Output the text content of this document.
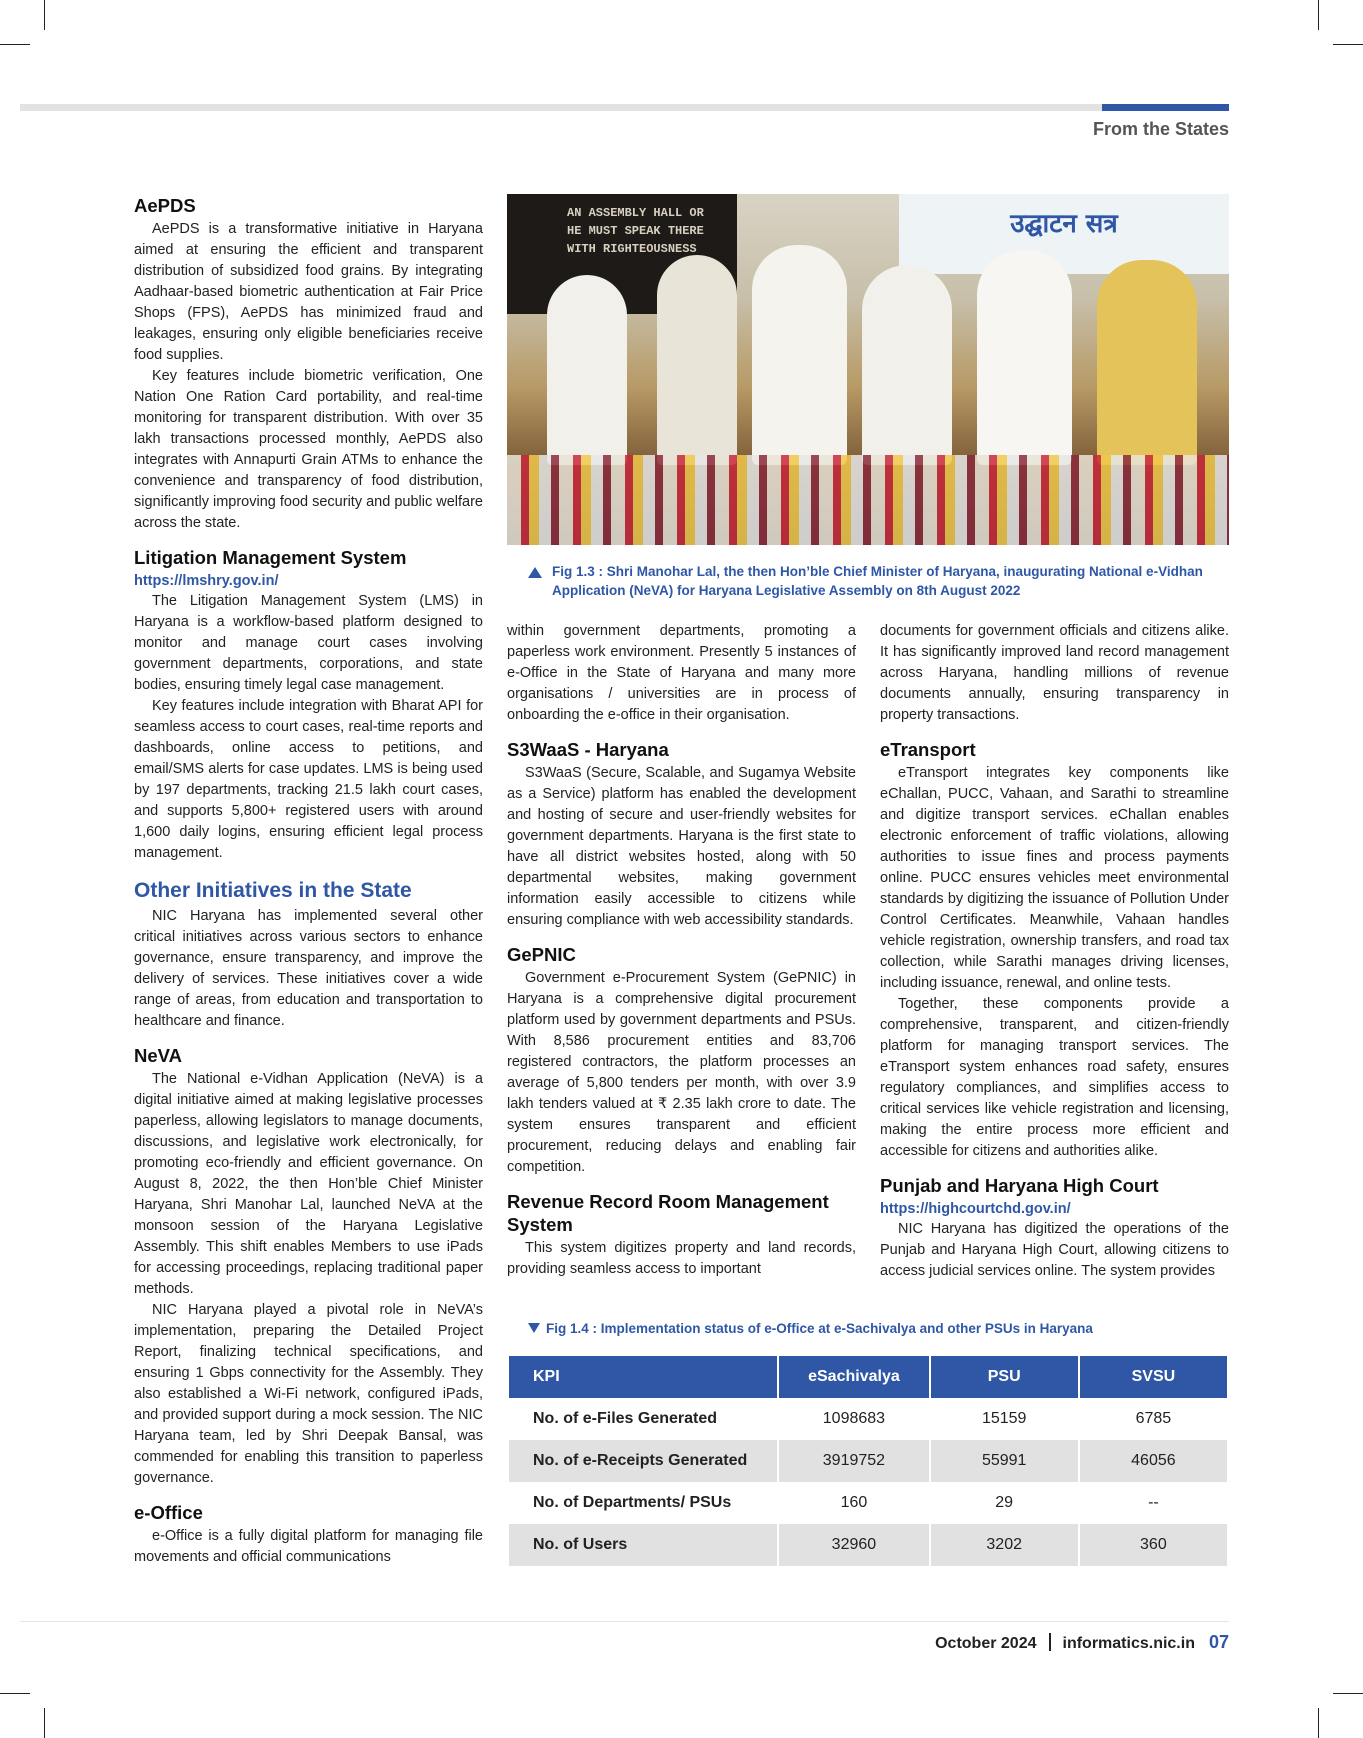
From the States
AePDS

AePDS is a transformative initiative in Haryana aimed at ensuring the efficient and transparent distribution of subsidized food grains. By integrating Aadhaar-based biometric authentication at Fair Price Shops (FPS), AePDS has minimized fraud and leakages, ensuring only eligible beneficiaries receive food supplies.

Key features include biometric verification, One Nation One Ration Card portability, and real-time monitoring for transparent distribution. With over 35 lakh transactions processed monthly, AePDS also integrates with Annapurti Grain ATMs to enhance the convenience and transparency of food distribution, significantly improving food security and public welfare across the state.

Litigation Management System
https://lmshry.gov.in/

The Litigation Management System (LMS) in Haryana is a workflow-based platform designed to monitor and manage court cases involving government departments, corporations, and state bodies, ensuring timely legal case management.

Key features include integration with Bharat API for seamless access to court cases, real-time reports and dashboards, online access to petitions, and email/SMS alerts for case updates. LMS is being used by 197 departments, tracking 21.5 lakh court cases, and supports 5,800+ registered users with around 1,600 daily logins, ensuring efficient legal process management.

Other Initiatives in the State

NIC Haryana has implemented several other critical initiatives across various sectors to enhance governance, ensure transparency, and improve the delivery of services. These initiatives cover a wide range of areas, from education and transportation to healthcare and finance.

NeVA

The National e-Vidhan Application (NeVA) is a digital initiative aimed at making legislative processes paperless, allowing legislators to manage documents, discussions, and legislative work electronically, for promoting eco-friendly and efficient governance. On August 8, 2022, the then Hon’ble Chief Minister Haryana, Shri Manohar Lal, launched NeVA at the monsoon session of the Haryana Legislative Assembly. This shift enables Members to use iPads for accessing proceedings, replacing traditional paper methods.

NIC Haryana played a pivotal role in NeVA’s implementation, preparing the Detailed Project Report, finalizing technical specifications, and ensuring 1 Gbps connectivity for the Assembly. They also established a Wi-Fi network, configured iPads, and provided support during a mock session. The NIC Haryana team, led by Shri Deepak Bansal, was commended for enabling this transition to paperless governance.

e-Office

e-Office is a fully digital platform for managing file movements and official communications

AN ASSEMBLY HALL OR HE MUST SPEAK THERE WITH RIGHTEOUSNESS
उद्घाटन सत्र
Fig 1.3 : Shri Manohar Lal, the then Hon’ble Chief Minister of Haryana, inaugurating National e-Vidhan Application (NeVA) for Haryana Legislative Assembly on 8th August 2022

within government departments, promoting a paperless work environment. Presently 5 instances of e-Office in the State of Haryana and many more organisations / universities are in process of onboarding the e-office in their organisation.

S3WaaS - Haryana

S3WaaS (Secure, Scalable, and Sugamya Website as a Service) platform has enabled the development and hosting of secure and user-friendly websites for government departments. Haryana is the first state to have all district websites hosted, along with 50 departmental websites, making government information easily accessible to citizens while ensuring compliance with web accessibility standards.

GePNIC

Government e-Procurement System (GePNIC) in Haryana is a comprehensive digital procurement platform used by government departments and PSUs. With 8,586 procurement entities and 83,706 registered contractors, the platform processes an average of 5,800 tenders per month, with over 3.9 lakh tenders valued at ₹ 2.35 lakh crore to date. The system ensures transparent and efficient procurement, reducing delays and enabling fair competition.

Revenue Record Room Management System

This system digitizes property and land records, providing seamless access to important

documents for government officials and citizens alike. It has significantly improved land record management across Haryana, handling millions of revenue documents annually, ensuring transparency in property transactions.

eTransport

eTransport integrates key components like eChallan, PUCC, Vahaan, and Sarathi to streamline and digitize transport services. eChallan enables electronic enforcement of traffic violations, allowing authorities to issue fines and process payments online. PUCC ensures vehicles meet environmental standards by digitizing the issuance of Pollution Under Control Certificates. Meanwhile, Vahaan handles vehicle registration, ownership transfers, and road tax collection, while Sarathi manages driving licenses, including issuance, renewal, and online tests.

Together, these components provide a comprehensive, transparent, and citizen-friendly platform for managing transport services. The eTransport system enhances road safety, ensures regulatory compliances, and simplifies access to critical services like vehicle registration and licensing, making the entire process more efficient and accessible for citizens and authorities alike.

Punjab and Haryana High Court
https://highcourtchd.gov.in/

NIC Haryana has digitized the operations of the Punjab and Haryana High Court, allowing citizens to access judicial services online. The system provides

Fig 1.4 : Implementation status of e-Office at e-Sachivalya and other PSUs in Haryana
KPI	eSachivalya	PSU	SVSU
No. of e-Files Generated	1098683	15159	6785
No. of e-Receipts Generated	3919752	55991	46056
No. of Departments/ PSUs	160	29	--
No. of Users	32960	3202	360
October 2024 informatics.nic.in 07
